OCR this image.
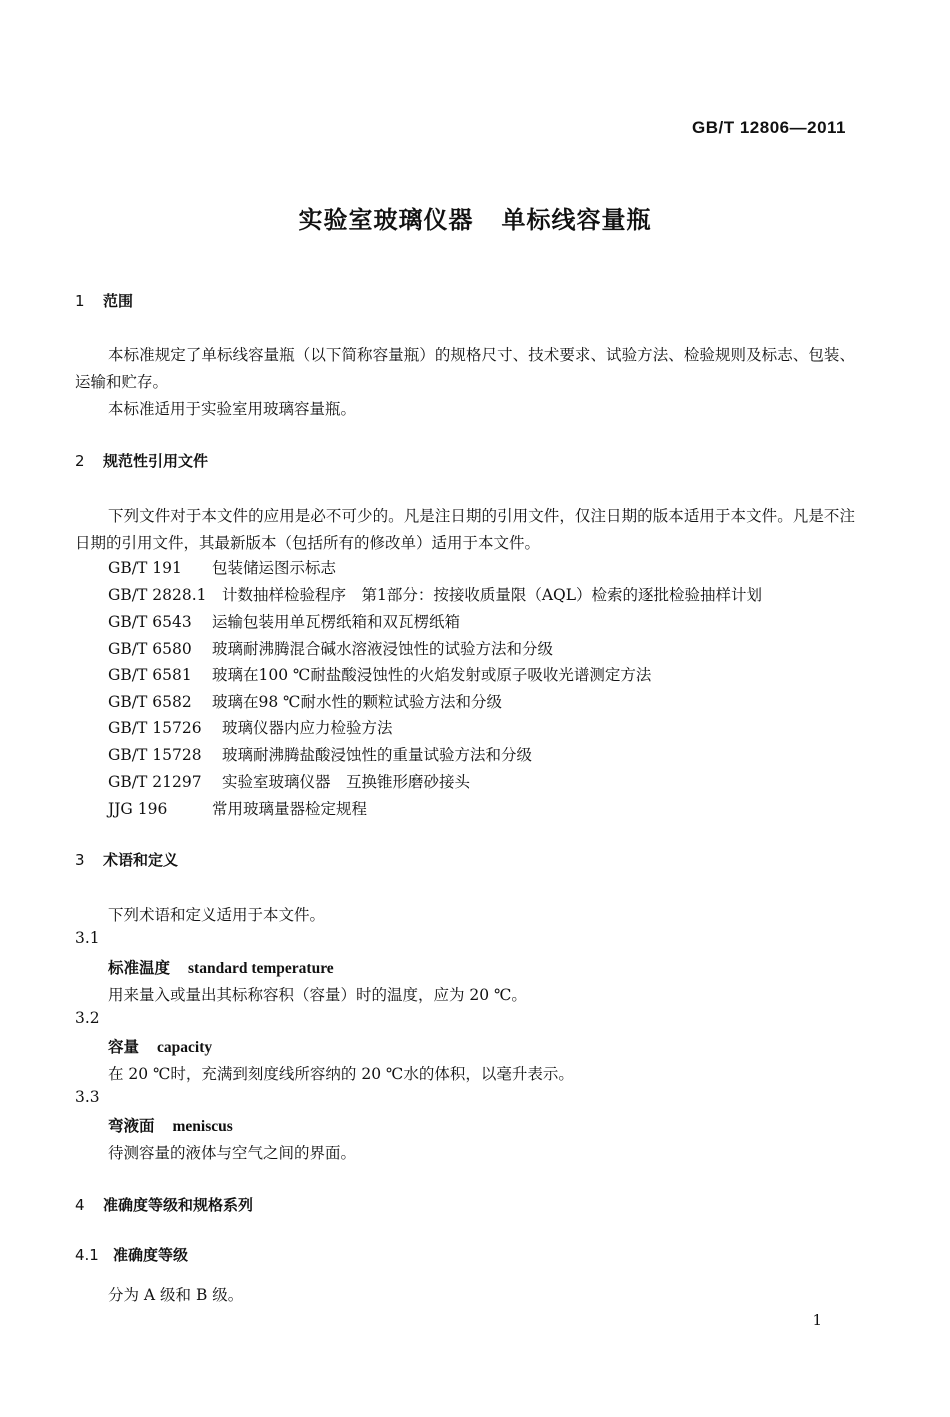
GB/T 12806—2011
实验室玻璃仪器 单标线容量瓶
1 范围
本标准规定了单标线容量瓶（以下简称容量瓶）的规格尺寸、技术要求、试验方法、检验规则及标志、包装、运输和贮存。
本标准适用于实验室用玻璃容量瓶。
2 规范性引用文件
下列文件对于本文件的应用是必不可少的。凡是注日期的引用文件，仅注日期的版本适用于本文件。凡是不注日期的引用文件，其最新版本（包括所有的修改单）适用于本文件。
GB/T 191 包装储运图示标志
GB/T 2828.1 计数抽样检验程序　第1部分：按接收质量限（AQL）检索的逐批检验抽样计划
GB/T 6543 运输包装用单瓦楞纸箱和双瓦楞纸箱
GB/T 6580 玻璃耐沸腾混合碱水溶液浸蚀性的试验方法和分级
GB/T 6581 玻璃在100 ℃耐盐酸浸蚀性的火焰发射或原子吸收光谱测定方法
GB/T 6582 玻璃在98 ℃耐水性的颗粒试验方法和分级
GB/T 15726 玻璃仪器内应力检验方法
GB/T 15728 玻璃耐沸腾盐酸浸蚀性的重量试验方法和分级
GB/T 21297 实验室玻璃仪器　互换锥形磨砂接头
JJG 196	常用玻璃量器检定规程
3 术语和定义
下列术语和定义适用于本文件。
3.1
标准温度 standard temperature
用来量入或量出其标称容积（容量）时的温度，应为 20 ℃。
3.2
容量 capacity
在 20 ℃时，充满到刻度线所容纳的 20 ℃水的体积，以毫升表示。
3.3
弯液面 meniscus
待测容量的液体与空气之间的界面。
4 准确度等级和规格系列
4.1 准确度等级
分为 A 级和 B 级。
1
